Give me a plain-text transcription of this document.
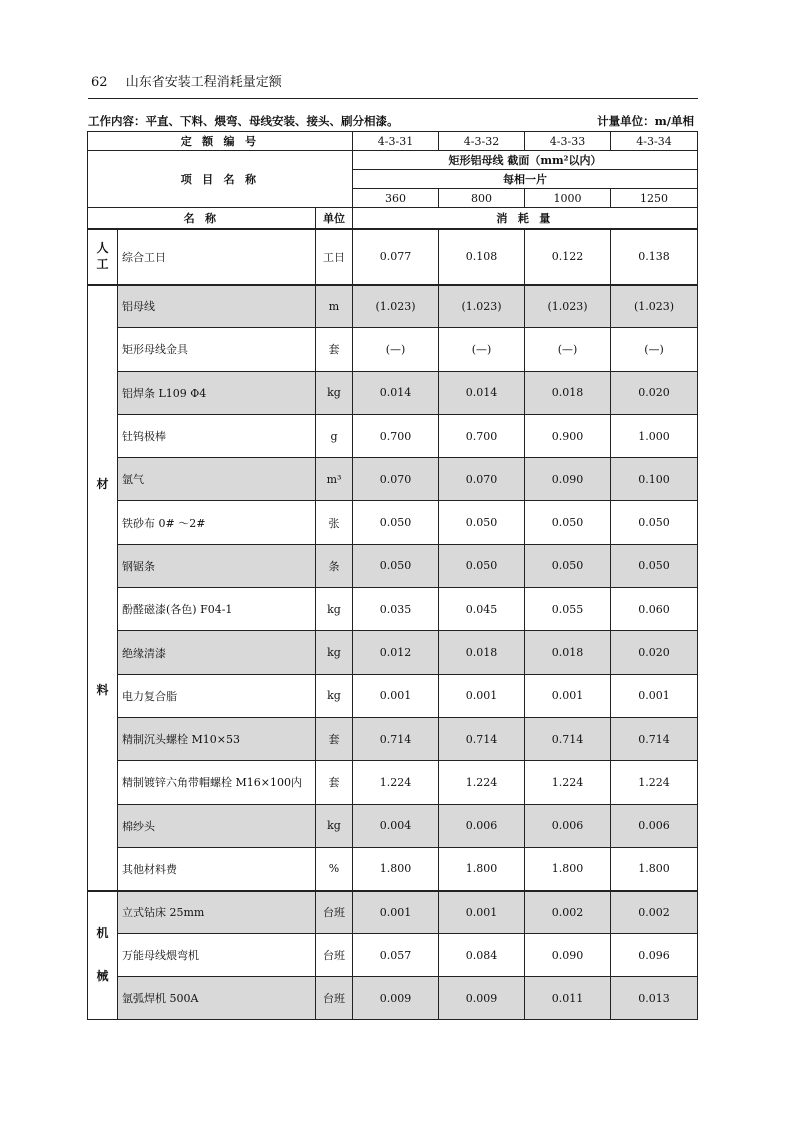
62 山东省安装工程消耗量定额
工作内容：平直、下料、煨弯、母线安装、接头、刷分相漆。	计量单位：m/单相
定 额 编 号			4-3-31	4-3-32	4-3-33	4-3-34
项 目 名 称			矩形铝母线 截面（mm²以内）			
			每相一片			
			360	800	1000	1250
名 称		单位	消 耗 量			

人
工	综合工日	工日	0.077	0.108	0.122	0.138

材
料	铝母线	m	(1.023)	(1.023)	(1.023)	(1.023)
	矩形母线金具	套	(—)	(—)	(—)	(—)
	铝焊条 L109 Φ4	kg	0.014	0.014	0.018	0.020
	钍钨极棒	g	0.700	0.700	0.900	1.000
	氩气	m³	0.070	0.070	0.090	0.100
	铁砂布 0# ～2#	张	0.050	0.050	0.050	0.050
	钢锯条	条	0.050	0.050	0.050	0.050
	酚醛磁漆(各色) F04-1	kg	0.035	0.045	0.055	0.060
	绝缘清漆	kg	0.012	0.018	0.018	0.020
	电力复合脂	kg	0.001	0.001	0.001	0.001
	精制沉头螺栓 M10×53	套	0.714	0.714	0.714	0.714
	精制镀锌六角带帽螺栓 M16×100内	套	1.224	1.224	1.224	1.224
	棉纱头	kg	0.004	0.006	0.006	0.006
	其他材料费	%	1.800	1.800	1.800	1.800

机
械	立式钻床 25mm	台班	0.001	0.001	0.002	0.002
	万能母线煨弯机	台班	0.057	0.084	0.090	0.096
	氩弧焊机 500A	台班	0.009	0.009	0.011	0.013
